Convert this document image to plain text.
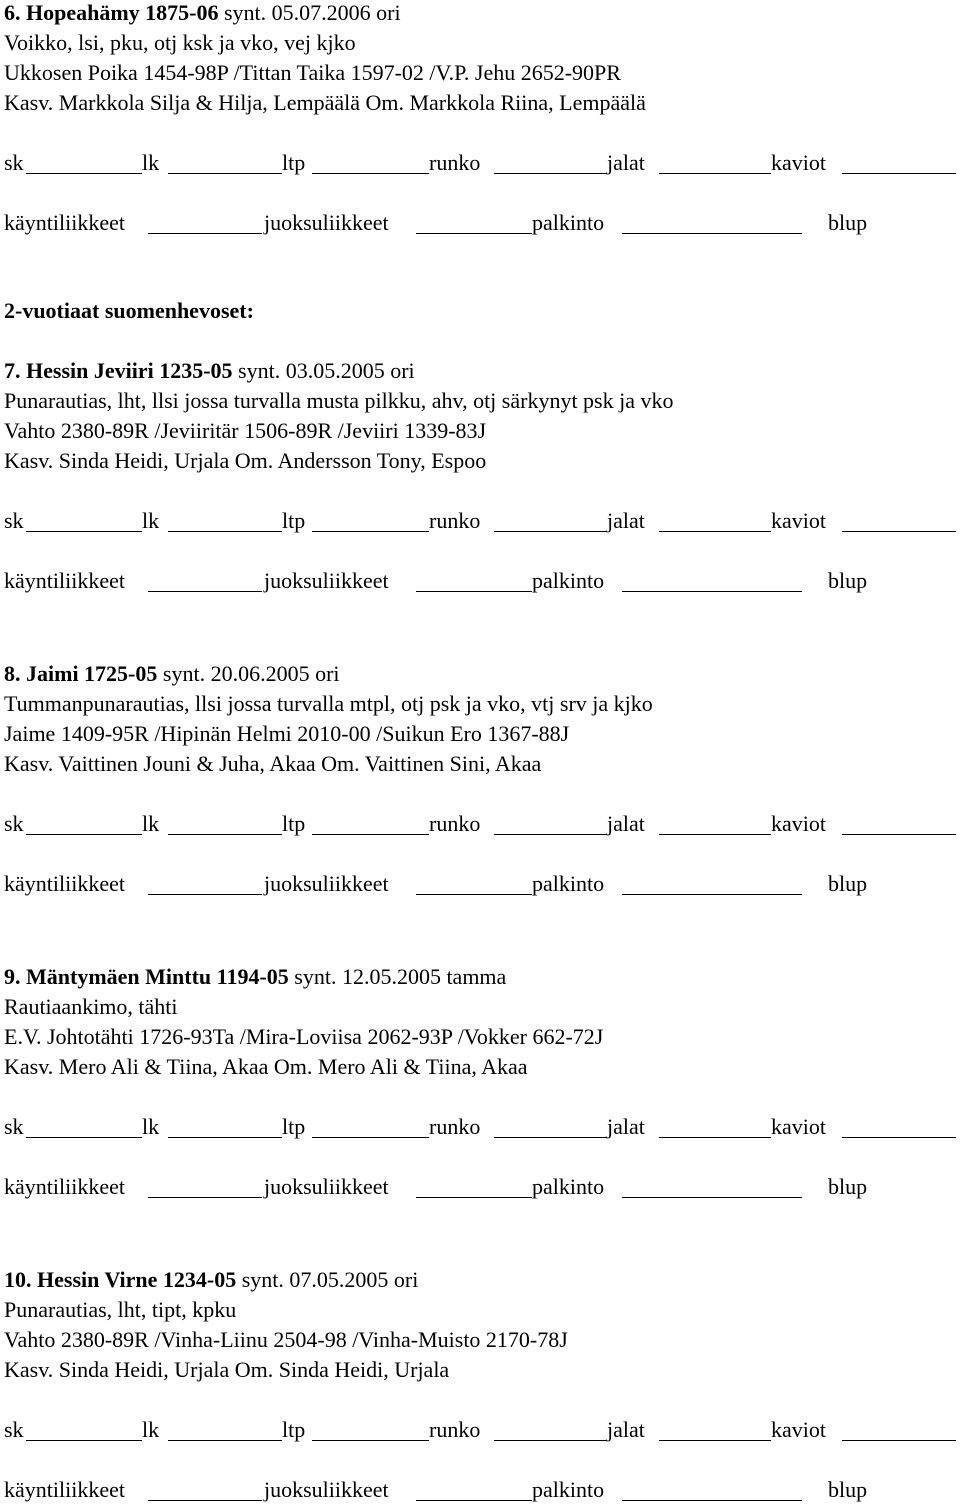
6. Hopeahämy 1875-06 synt. 05.07.2006 ori
Voikko, lsi, pku, otj ksk ja vko, vej kjko
Ukkosen Poika 1454-98P /Tittan Taika 1597-02 /V.P. Jehu 2652-90PR
Kasv. Markkola Silja & Hilja, Lempäälä Om. Markkola Riina, Lempäälä
sk	lk	ltp	runko	jalat	kaviot
käyntiliikkeet	juoksuliikkeet	palkinto	blup
7. Hessin Jeviiri 1235-05 synt. 03.05.2005 ori
Punarautias, lht, llsi jossa turvalla musta pilkku, ahv, otj särkynyt psk ja vko
Vahto 2380-89R /Jeviiritär 1506-89R /Jeviiri 1339-83J
Kasv. Sinda Heidi, Urjala Om. Andersson Tony, Espoo
sk	lk	ltp	runko	jalat	kaviot
käyntiliikkeet	juoksuliikkeet	palkinto	blup
8. Jaimi 1725-05 synt. 20.06.2005 ori
Tummanpunarautias, llsi jossa turvalla mtpl, otj psk ja vko, vtj srv ja kjko
Jaime 1409-95R /Hipinän Helmi 2010-00 /Suikun Ero 1367-88J
Kasv. Vaittinen Jouni & Juha, Akaa Om. Vaittinen Sini, Akaa
sk	lk	ltp	runko	jalat	kaviot
käyntiliikkeet	juoksuliikkeet	palkinto	blup
9. Mäntymäen Minttu 1194-05 synt. 12.05.2005 tamma
Rautiaankimo, tähti
E.V. Johtotähti 1726-93Ta /Mira-Loviisa 2062-93P /Vokker 662-72J
Kasv. Mero Ali & Tiina, Akaa Om. Mero Ali & Tiina, Akaa
sk	lk	ltp	runko	jalat	kaviot
käyntiliikkeet	juoksuliikkeet	palkinto	blup
10. Hessin Virne 1234-05 synt. 07.05.2005 ori
Punarautias, lht, tipt, kpku
Vahto 2380-89R /Vinha-Liinu 2504-98 /Vinha-Muisto 2170-78J
Kasv. Sinda Heidi, Urjala Om. Sinda Heidi, Urjala
sk	lk	ltp	runko	jalat	kaviot
käyntiliikkeet	juoksuliikkeet	palkinto	blup
2-vuotiaat suomenhevoset:
